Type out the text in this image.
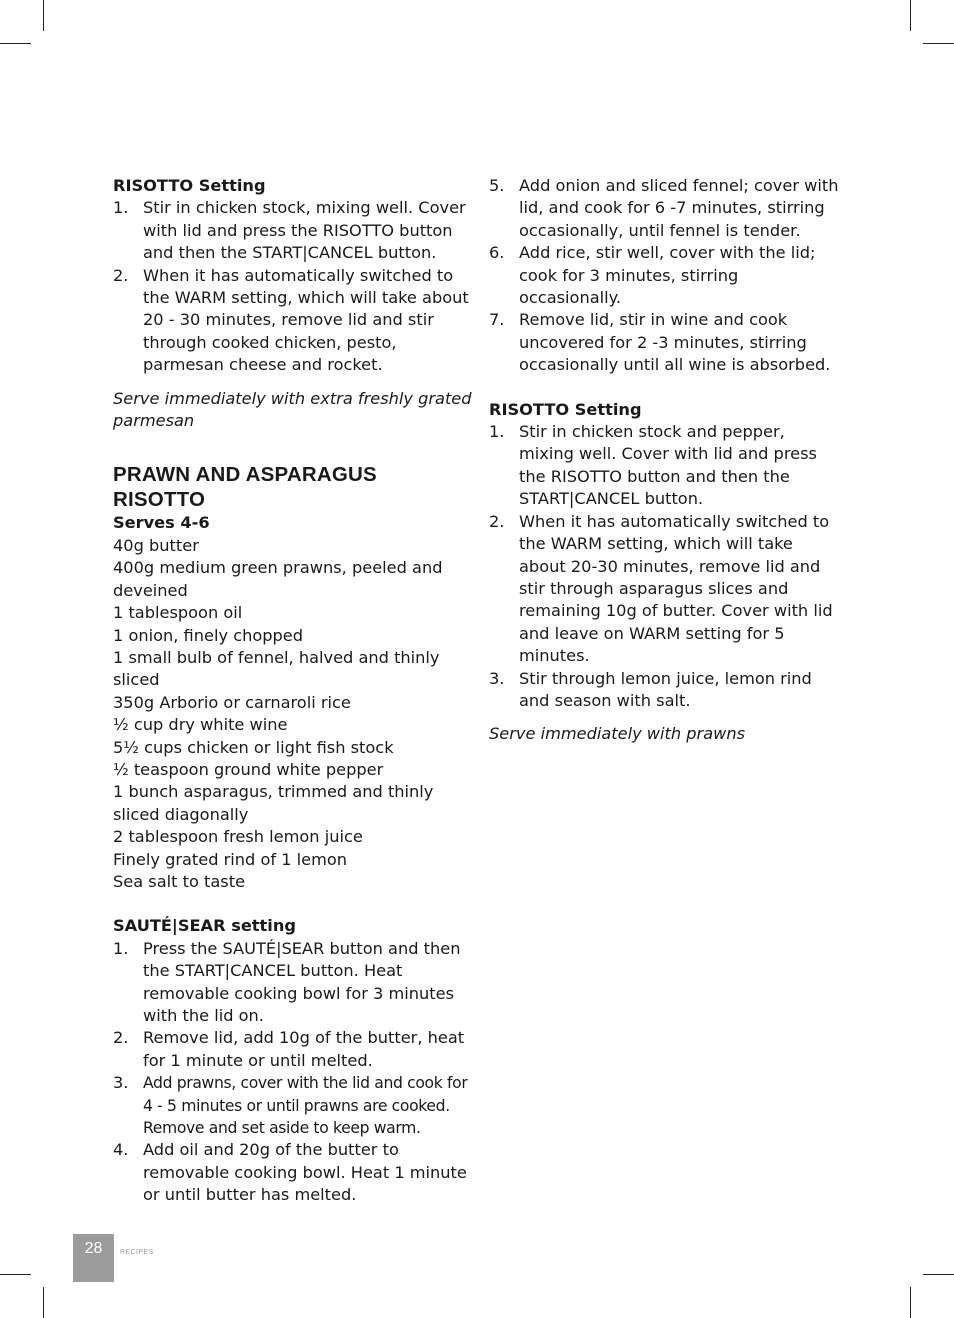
RISOTTO Setting

1. Stir in chicken stock, mixing well. Cover with lid and press the RISOTTO button and then the START|CANCEL button.
2. When it has automatically switched to the WARM setting, which will take about 20 - 30 minutes, remove lid and stir through cooked chicken, pesto, parmesan cheese and rocket.

Serve immediately with extra freshly grated parmesan

PRAWN AND ASPARAGUS RISOTTO

Serves 4-6

40g butter

400g medium green prawns, peeled and deveined

1 tablespoon oil

1 onion, finely chopped

1 small bulb of fennel, halved and thinly sliced

350g Arborio or carnaroli rice

½ cup dry white wine

5½ cups chicken or light fish stock

½ teaspoon ground white pepper

1 bunch asparagus, trimmed and thinly sliced diagonally

2 tablespoon fresh lemon juice

Finely grated rind of 1 lemon

Sea salt to taste

SAUTÉ|SEAR setting

1. Press the SAUTÉ|SEAR button and then the START|CANCEL button. Heat removable cooking bowl for 3 minutes with the lid on.
2. Remove lid, add 10g of the butter, heat for 1 minute or until melted.
3. Add prawns, cover with the lid and cook for 4 - 5 minutes or until prawns are cooked. Remove and set aside to keep warm.
4. Add oil and 20g of the butter to removable cooking bowl. Heat 1 minute or until butter has melted.
5. Add onion and sliced fennel; cover with lid, and cook for 6 -7 minutes, stirring occasionally, until fennel is tender.
6. Add rice, stir well, cover with the lid; cook for 3 minutes, stirring occasionally.
7. Remove lid, stir in wine and cook uncovered for 2 -3 minutes, stirring occasionally until all wine is absorbed.

RISOTTO Setting

1. Stir in chicken stock and pepper, mixing well. Cover with lid and press the RISOTTO button and then the START|CANCEL button.
2. When it has automatically switched to the WARM setting, which will take about 20-30 minutes, remove lid and stir through asparagus slices and remaining 10g of butter. Cover with lid and leave on WARM setting for 5 minutes.
3. Stir through lemon juice, lemon rind and season with salt.

Serve immediately with prawns

28	RECIPES
